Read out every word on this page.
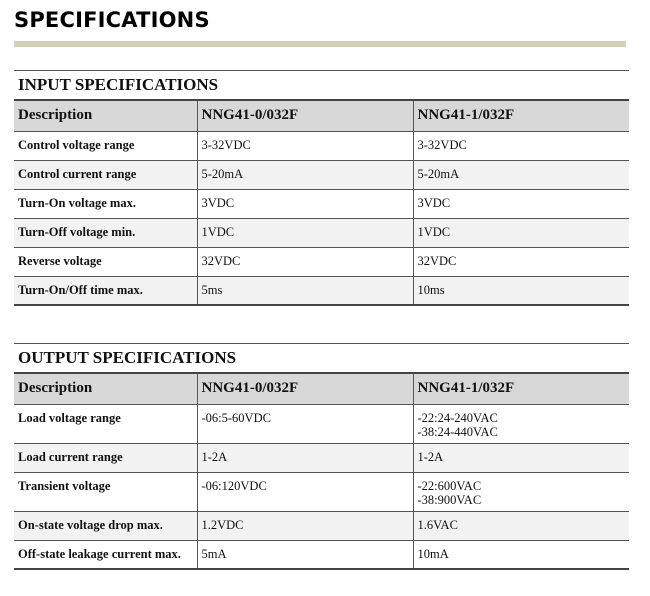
SPECIFICATIONS
INPUT SPECIFICATIONS
Description	NNG41-0/032F	NNG41-1/032F
Control voltage range	3-32VDC	3-32VDC
Control current range	5-20mA	5-20mA
Turn-On voltage max.	3VDC	3VDC
Turn-Off voltage min.	1VDC	1VDC
Reverse voltage	32VDC	32VDC
Turn-On/Off time max.	5ms	10ms
OUTPUT SPECIFICATIONS
Description	NNG41-0/032F	NNG41-1/032F
Load voltage range	-06:5-60VDC	-22:24-240VAC
-38:24-440VAC

Load current range	1-2A	1-2A

Transient voltage	-06:120VDC	-22:600VAC
-38:900VAC

On-state voltage drop max.	1.2VDC	1.6VAC

Off-state leakage current max.	5mA	10mA
